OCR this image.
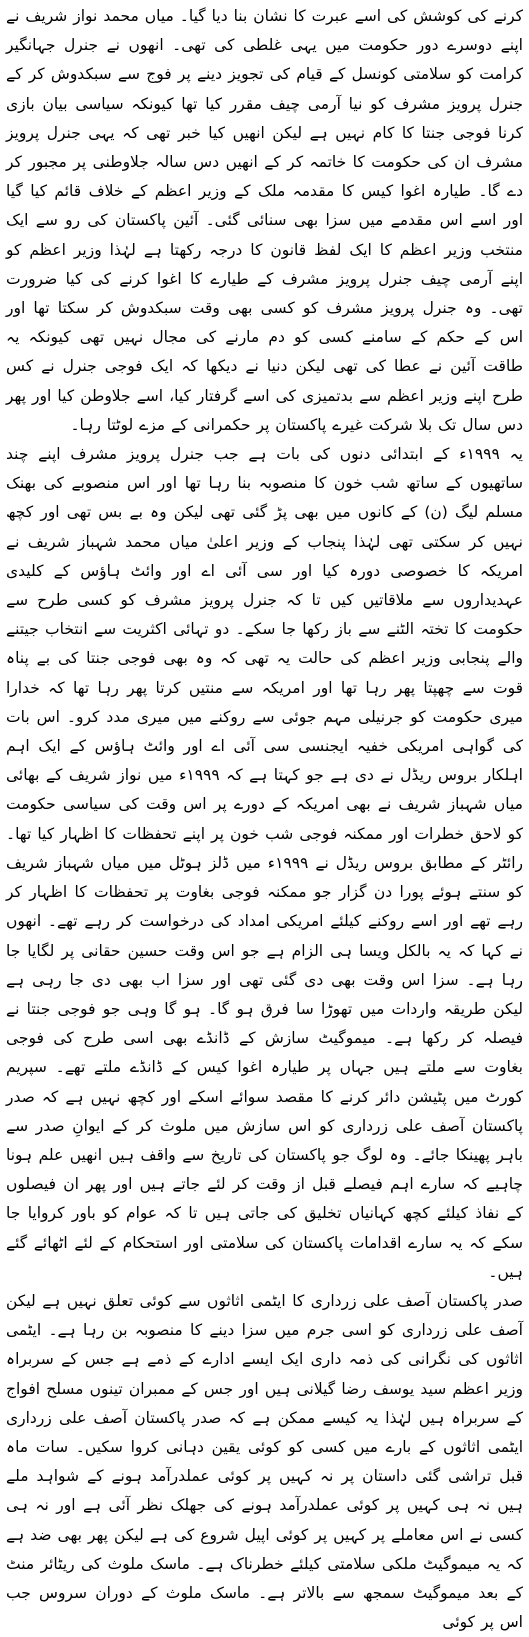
کرنے کی کوشش کی اسے عبرت کا نشان بنا دیا گیا۔ میاں محمد نواز شریف نے اپنے دوسرے دور حکومت میں یہی غلطی کی تھی۔ انھوں نے جنرل جہانگیر کرامت کو سلامتی کونسل کے قیام کی تجویز دینے پر فوج سے سبکدوش کر کے جنرل پرویز مشرف کو نیا آرمی چیف مقرر کیا تھا کیونکہ سیاسی بیان بازی کرنا فوجی جنتا کا کام نہیں ہے لیکن انھیں کیا خبر تھی کہ یہی جنرل پرویز مشرف ان کی حکومت کا خاتمہ کر کے انھیں دس سالہ جلاوطنی پر مجبور کر دے گا۔ طیارہ اغوا کیس کا مقدمہ ملک کے وزیر اعظم کے خلاف قائم کیا گیا اور اسے اس مقدمے میں سزا بھی سنائی گئی۔ آئین پاکستان کی رو سے ایک منتخب وزیر اعظم کا ایک لفظ قانون کا درجہ رکھتا ہے لہٰذا وزیر اعظم کو اپنے آرمی چیف جنرل پرویز مشرف کے طیارے کا اغوا کرنے کی کیا ضرورت تھی۔ وہ جنرل پرویز مشرف کو کسی بھی وقت سبکدوش کر سکتا تھا اور اس کے حکم کے سامنے کسی کو دم مارنے کی مجال نہیں تھی کیونکہ یہ طاقت آئین نے عطا کی تھی لیکن دنیا نے دیکھا کہ ایک فوجی جنرل نے کس طرح اپنے وزیر اعظم سے بدتمیزی کی اسے گرفتار کیا، اسے جلاوطن کیا اور پھر دس سال تک بلا شرکت غیرے پاکستان پر حکمرانی کے مزے لوٹتا رہا۔

یہ ۱۹۹۹ء کے ابتدائی دنوں کی بات ہے جب جنرل پرویز مشرف اپنے چند ساتھیوں کے ساتھ شب خون کا منصوبہ بنا رہا تھا اور اس منصوبے کی بھنک مسلم لیگ (ن) کے کانوں میں بھی پڑ گئی تھی لیکن وہ بے بس تھی اور کچھ نہیں کر سکتی تھی لہٰذا پنجاب کے وزیر اعلیٰ میاں محمد شہباز شریف نے امریکہ کا خصوصی دورہ کیا اور سی آئی اے اور وائٹ ہاؤس کے کلیدی عہدیداروں سے ملاقاتیں کیں تا کہ جنرل پرویز مشرف کو کسی طرح سے حکومت کا تختہ الٹنے سے باز رکھا جا سکے۔ دو تہائی اکثریت سے انتخاب جیتنے والے پنجابی وزیر اعظم کی حالت یہ تھی کہ وہ بھی فوجی جنتا کی بے پناہ قوت سے چھپتا پھر رہا تھا اور امریکہ سے منتیں کرتا پھر رہا تھا کہ خدارا میری حکومت کو جرنیلی مہم جوئی سے روکنے میں میری مدد کرو۔ اس بات کی گواہی امریکی خفیہ ایجنسی سی آئی اے اور وائٹ ہاؤس کے ایک اہم اہلکار بروس ریڈل نے دی ہے جو کہتا ہے کہ ۱۹۹۹ء میں نواز شریف کے بھائی میاں شہباز شریف نے بھی امریکہ کے دورے پر اس وقت کی سیاسی حکومت کو لاحق خطرات اور ممکنہ فوجی شب خون پر اپنے تحفظات کا اظہار کیا تھا۔ رائٹر کے مطابق بروس ریڈل نے ۱۹۹۹ء میں ڈلز ہوٹل میں میاں شہباز شریف کو سنتے ہوئے پورا دن گزار جو ممکنہ فوجی بغاوت پر تحفظات کا اظہار کر رہے تھے اور اسے روکنے کیلئے امریکی امداد کی درخواست کر رہے تھے۔ انھوں نے کہا کہ یہ بالکل ویسا ہی الزام ہے جو اس وقت حسین حقانی پر لگایا جا رہا ہے۔ سزا اس وقت بھی دی گئی تھی اور سزا اب بھی دی جا رہی ہے لیکن طریقہ واردات میں تھوڑا سا فرق ہو گا۔ ہو گا وہی جو فوجی جنتا نے فیصلہ کر رکھا ہے۔ میموگیٹ سازش کے ڈانڈے بھی اسی طرح کی فوجی بغاوت سے ملتے ہیں جہاں پر طیارہ اغوا کیس کے ڈانڈے ملتے تھے۔ سپریم کورٹ میں پٹیشن دائر کرنے کا مقصد سوائے اسکے اور کچھ نہیں ہے کہ صدر پاکستان آصف علی زرداری کو اس سازش میں ملوث کر کے ایوانِ صدر سے باہر پھینکا جائے۔ وہ لوگ جو پاکستان کی تاریخ سے واقف ہیں انھیں علم ہونا چاہیے کہ سارے اہم فیصلے قبل از وقت کر لئے جاتے ہیں اور پھر ان فیصلوں کے نفاذ کیلئے کچھ کہانیاں تخلیق کی جاتی ہیں تا کہ عوام کو باور کروایا جا سکے کہ یہ سارے اقدامات پاکستان کی سلامتی اور استحکام کے لئے اٹھائے گئے ہیں۔

صدر پاکستان آصف علی زرداری کا ایٹمی اثاثوں سے کوئی تعلق نہیں ہے لیکن آصف علی زرداری کو اسی جرم میں سزا دینے کا منصوبہ بن رہا ہے۔ ایٹمی اثاثوں کی نگرانی کی ذمہ داری ایک ایسے ادارے کے ذمے ہے جس کے سربراہ وزیر اعظم سید یوسف رضا گیلانی ہیں اور جس کے ممبران تینوں مسلح افواج کے سربراہ ہیں لہٰذا یہ کیسے ممکن ہے کہ صدر پاکستان آصف علی زرداری ایٹمی اثاثوں کے بارے میں کسی کو کوئی یقین دہانی کروا سکیں۔ سات ماہ قبل تراشی گئی داستان پر نہ کہیں پر کوئی عملدرآمد ہونے کے شواہد ملے ہیں نہ ہی کہیں پر کوئی عملدرآمد ہونے کی جھلک نظر آئی ہے اور نہ ہی کسی نے اس معاملے پر کہیں پر کوئی اپیل شروع کی ہے لیکن پھر بھی ضد ہے کہ یہ میموگیٹ ملکی سلامتی کیلئے خطرناک ہے۔ ماسک ملوث کی ریٹائر منٹ کے بعد میموگیٹ سمجھ سے بالاتر ہے۔ ماسک ملوث کے دوران سروس جب اس پر کوئی
